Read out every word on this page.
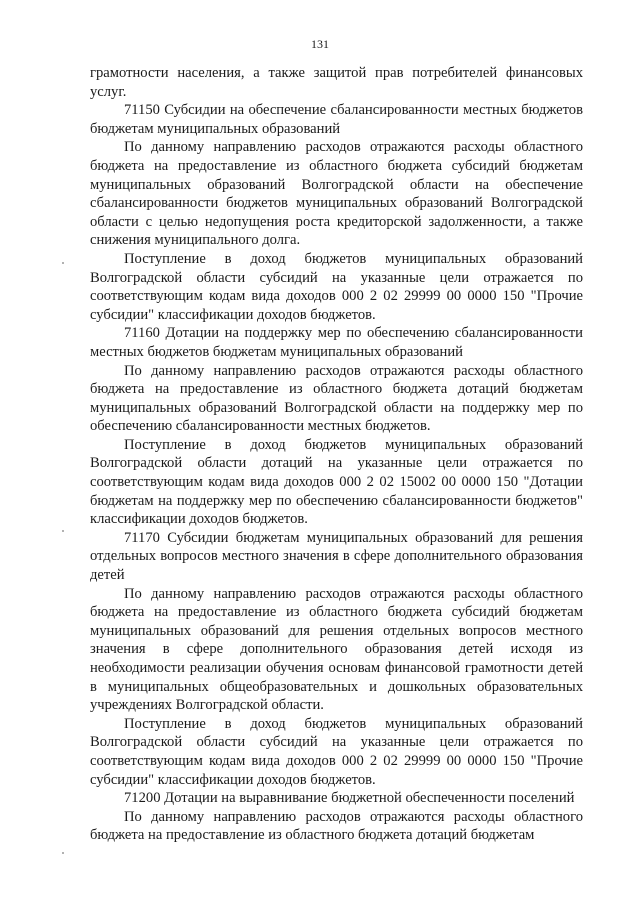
131

грамотности населения, а также защитой прав потребителей финансовых услуг.

71150 Субсидии на обеспечение сбалансированности местных бюджетов бюджетам муниципальных образований

По данному направлению расходов отражаются расходы областного бюджета на предоставление из областного бюджета субсидий бюджетам муниципальных образований Волгоградской области на обеспечение сбалансированности бюджетов муниципальных образований Волгоградской области с целью недопущения роста кредиторской задолженности, а также снижения муниципального долга.

Поступление в доход бюджетов муниципальных образований Волгоградской области субсидий на указанные цели отражается по соответствующим кодам вида доходов 000 2 02 29999 00 0000 150 "Прочие субсидии" классификации доходов бюджетов.

71160 Дотации на поддержку мер по обеспечению сбалансированности местных бюджетов бюджетам муниципальных образований

По данному направлению расходов отражаются расходы областного бюджета на предоставление из областного бюджета дотаций бюджетам муниципальных образований Волгоградской области на поддержку мер по обеспечению сбалансированности местных бюджетов.

Поступление в доход бюджетов муниципальных образований Волгоградской области дотаций на указанные цели отражается по соответствующим кодам вида доходов 000 2 02 15002 00 0000 150 "Дотации бюджетам на поддержку мер по обеспечению сбалансированности бюджетов" классификации доходов бюджетов.

71170 Субсидии бюджетам муниципальных образований для решения отдельных вопросов местного значения в сфере дополнительного образования детей

По данному направлению расходов отражаются расходы областного бюджета на предоставление из областного бюджета субсидий бюджетам муниципальных образований для решения отдельных вопросов местного значения в сфере дополнительного образования детей исходя из необходимости реализации обучения основам финансовой грамотности детей в муниципальных общеобразовательных и дошкольных образовательных учреждениях Волгоградской области.

Поступление в доход бюджетов муниципальных образований Волгоградской области субсидий на указанные цели отражается по соответствующим кодам вида доходов 000 2 02 29999 00 0000 150 "Прочие субсидии" классификации доходов бюджетов.

71200 Дотации на выравнивание бюджетной обеспеченности поселений

По данному направлению расходов отражаются расходы областного бюджета на предоставление из областного бюджета дотаций бюджетам
